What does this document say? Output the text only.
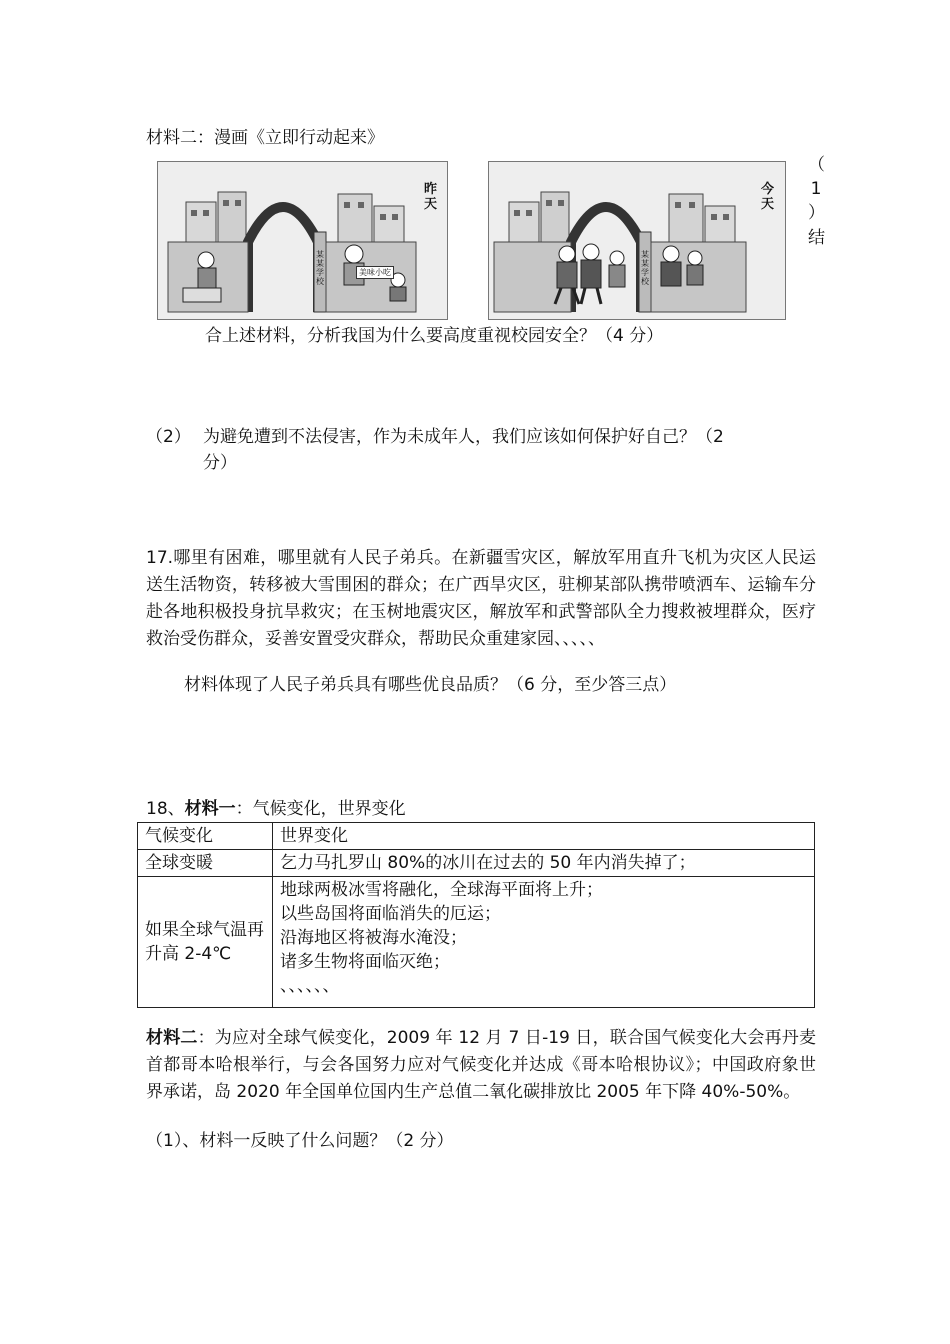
材料二：漫画《立即行动起来》
某某学校
美味小吃
昨天
某某学校
今天
（
1
）
结
合上述材料，分析我国为什么要高度重视校园安全？（4 分）
（2） 为避免遭到不法侵害，作为未成年人，我们应该如何保护好自己？（2
分）
17.哪里有困难，哪里就有人民子弟兵。在新疆雪灾区，解放军用直升飞机为灾区人民运送生活物资，转移被大雪围困的群众；在广西旱灾区，驻柳某部队携带喷洒车、运输车分赴各地积极投身抗旱救灾；在玉树地震灾区，解放军和武警部队全力搜救被埋群众，医疗救治受伤群众，妥善安置受灾群众，帮助民众重建家园、、、、、
材料体现了人民子弟兵具有哪些优良品质？（6 分，至少答三点）
18、材料一：气候变化，世界变化
气候变化	世界变化
全球变暖	乞力马扎罗山 80%的冰川在过去的 50 年内消失掉了；
如果全球气温再升高 2-4℃	地球两极冰雪将融化，全球海平面将上升；
以些岛国将面临消失的厄运；
沿海地区将被海水淹没；
诸多生物将面临灭绝；
、、、、、、
材料二：为应对全球气候变化，2009 年 12 月 7 日-19 日，联合国气候变化大会再丹麦首都哥本哈根举行，与会各国努力应对气候变化并达成《哥本哈根协议》；中国政府象世界承诺，岛 2020 年全国单位国内生产总值二氧化碳排放比 2005 年下降 40%-50%。
（1）、材料一反映了什么问题？（2 分）
